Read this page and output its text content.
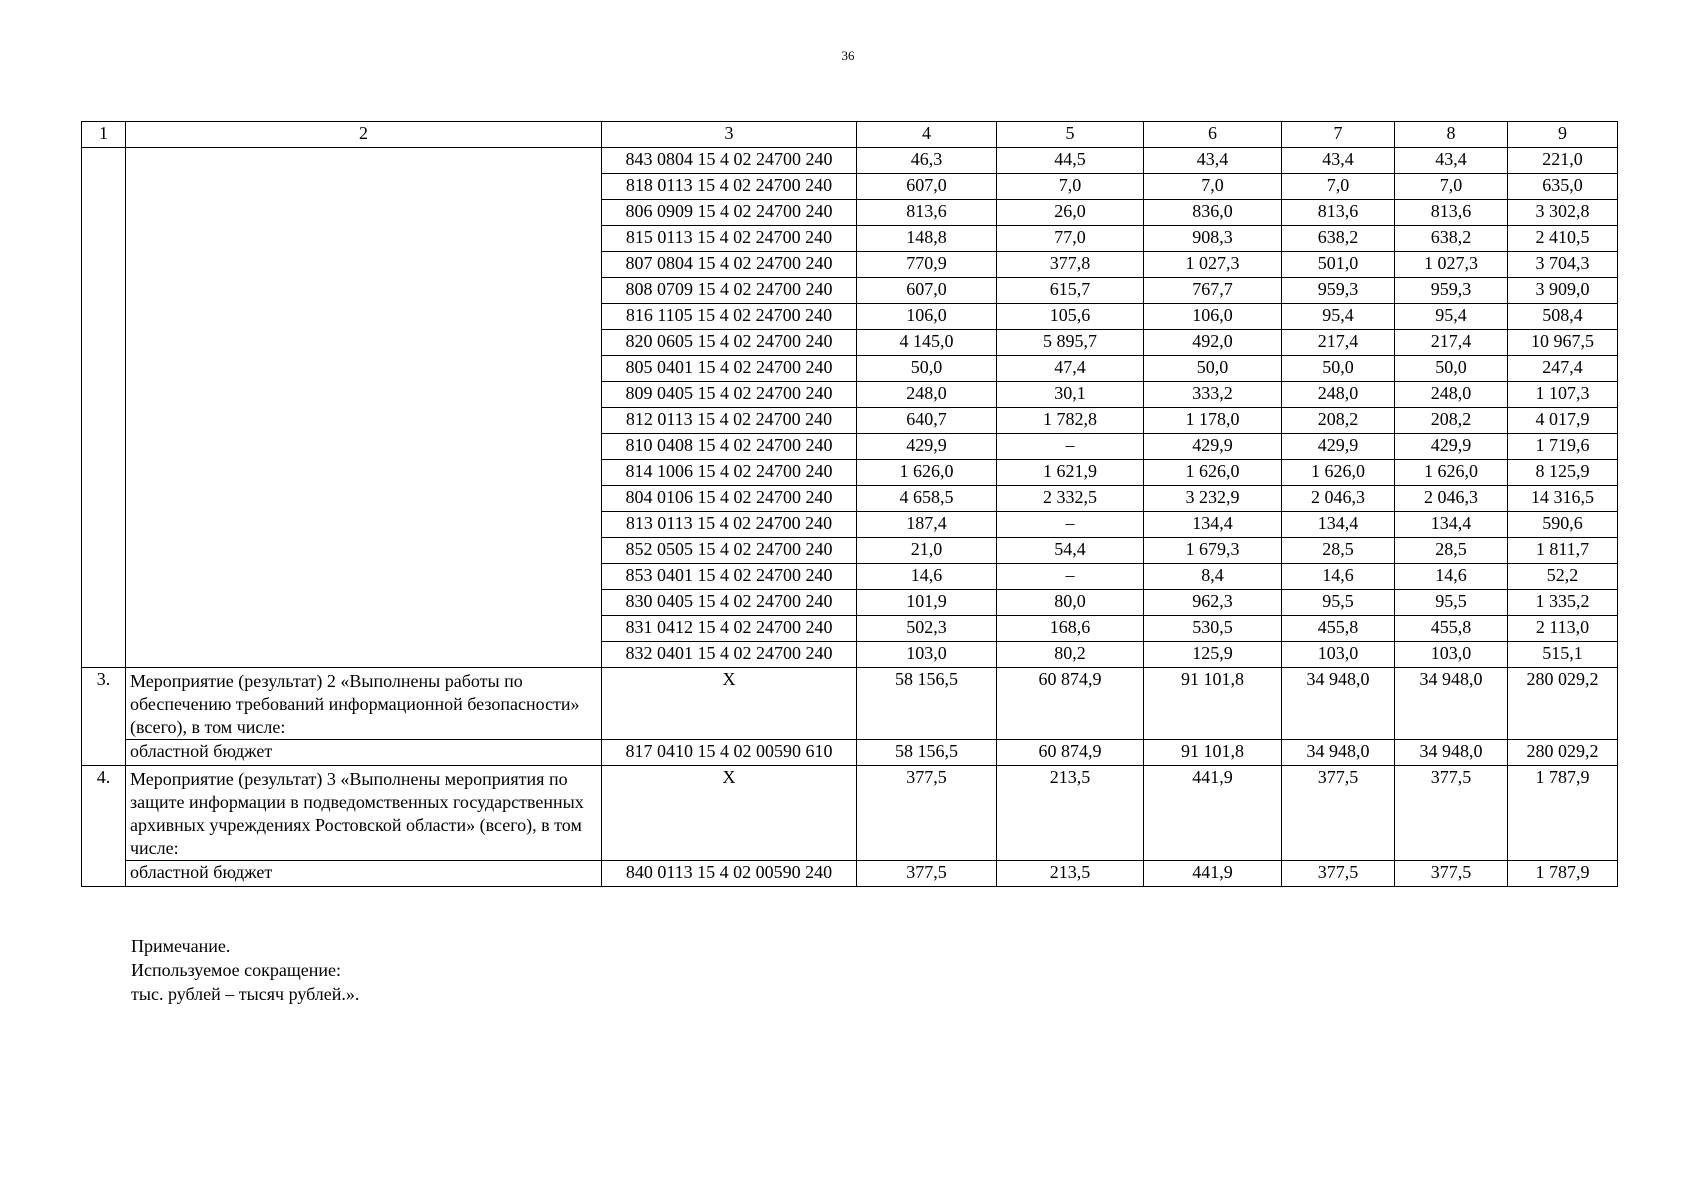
36
1	2	3	4	5	6	7	8	9
		843 0804 15 4 02 24700 240	46,3	44,5	43,4	43,4	43,4	221,0
		818 0113 15 4 02 24700 240	607,0	7,0	7,0	7,0	7,0	635,0
		806 0909 15 4 02 24700 240	813,6	26,0	836,0	813,6	813,6	3 302,8
		815 0113 15 4 02 24700 240	148,8	77,0	908,3	638,2	638,2	2 410,5
		807 0804 15 4 02 24700 240	770,9	377,8	1 027,3	501,0	1 027,3	3 704,3
		808 0709 15 4 02 24700 240	607,0	615,7	767,7	959,3	959,3	3 909,0
		816 1105 15 4 02 24700 240	106,0	105,6	106,0	95,4	95,4	508,4
		820 0605 15 4 02 24700 240	4 145,0	5 895,7	492,0	217,4	217,4	10 967,5
		805 0401 15 4 02 24700 240	50,0	47,4	50,0	50,0	50,0	247,4
		809 0405 15 4 02 24700 240	248,0	30,1	333,2	248,0	248,0	1 107,3
		812 0113 15 4 02 24700 240	640,7	1 782,8	1 178,0	208,2	208,2	4 017,9
		810 0408 15 4 02 24700 240	429,9	–	429,9	429,9	429,9	1 719,6
		814 1006 15 4 02 24700 240	1 626,0	1 621,9	1 626,0	1 626,0	1 626,0	8 125,9
		804 0106 15 4 02 24700 240	4 658,5	2 332,5	3 232,9	2 046,3	2 046,3	14 316,5
		813 0113 15 4 02 24700 240	187,4	–	134,4	134,4	134,4	590,6
		852 0505 15 4 02 24700 240	21,0	54,4	1 679,3	28,5	28,5	1 811,7
		853 0401 15 4 02 24700 240	14,6	–	8,4	14,6	14,6	52,2
		830 0405 15 4 02 24700 240	101,9	80,0	962,3	95,5	95,5	1 335,2
		831 0412 15 4 02 24700 240	502,3	168,6	530,5	455,8	455,8	2 113,0
		832 0401 15 4 02 24700 240	103,0	80,2	125,9	103,0	103,0	515,1
3.	Мероприятие (результат) 2 «Выполнены работы по обеспечению требований информационной безопасности» (всего), в том числе:	X	58 156,5	60 874,9	91 101,8	34 948,0	34 948,0	280 029,2
	областной бюджет	817 0410 15 4 02 00590 610	58 156,5	60 874,9	91 101,8	34 948,0	34 948,0	280 029,2
4.	Мероприятие (результат) 3 «Выполнены мероприятия по защите информации в подведомственных государственных архивных учреждениях Ростовской области» (всего), в том числе:	X	377,5	213,5	441,9	377,5	377,5	1 787,9
	областной бюджет	840 0113 15 4 02 00590 240	377,5	213,5	441,9	377,5	377,5	1 787,9
Примечание.
Используемое сокращение:
тыс. рублей – тысяч рублей.».
